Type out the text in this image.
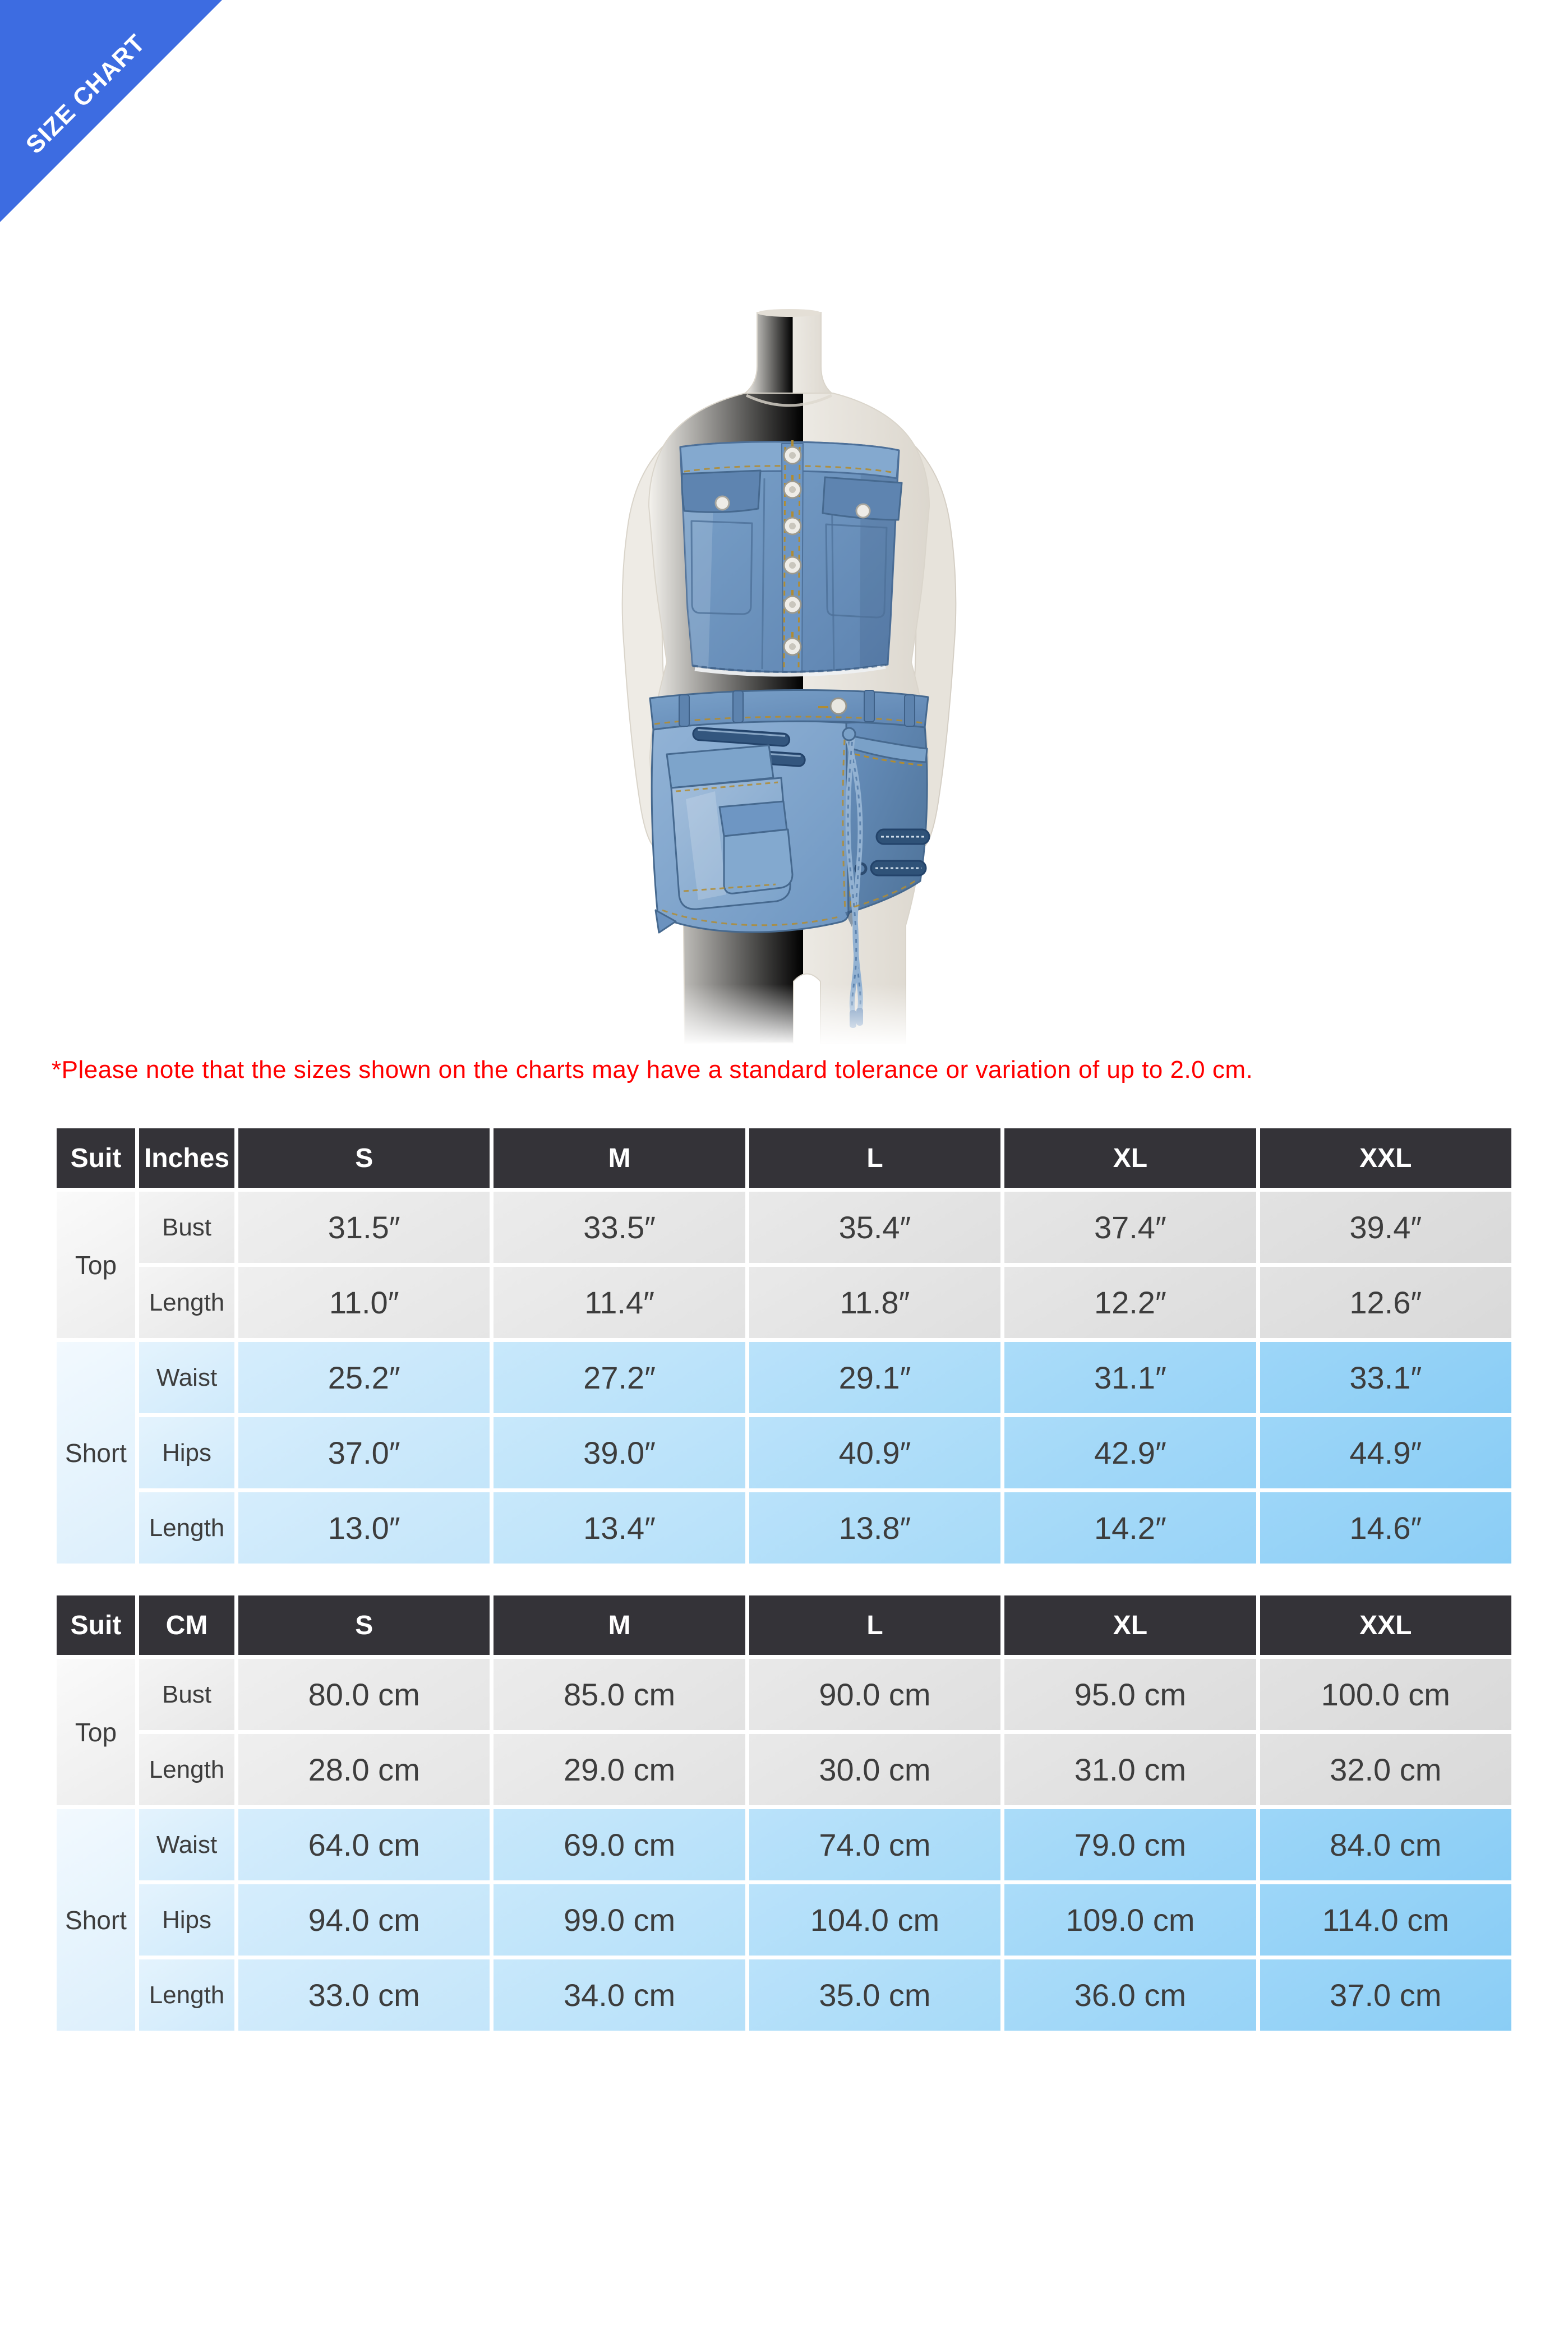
SIZE CHART
*Please note that the sizes shown on the charts may have a standard tolerance or variation of up to 2.0 cm.
Suit	Inches	S	M	L	XL	XXL
Top	Bust	31.5″	33.5″	35.4″	37.4″	39.4″
	Length	11.0″	11.4″	11.8″	12.2″	12.6″
Short	Waist	25.2″	27.2″	29.1″	31.1″	33.1″
	Hips	37.0″	39.0″	40.9″	42.9″	44.9″
	Length	13.0″	13.4″	13.8″	14.2″	14.6″
Suit	CM	S	M	L	XL	XXL
Top	Bust	80.0 cm	85.0 cm	90.0 cm	95.0 cm	100.0 cm
	Length	28.0 cm	29.0 cm	30.0 cm	31.0 cm	32.0 cm
Short	Waist	64.0 cm	69.0 cm	74.0 cm	79.0 cm	84.0 cm
	Hips	94.0 cm	99.0 cm	104.0 cm	109.0 cm	114.0 cm
	Length	33.0 cm	34.0 cm	35.0 cm	36.0 cm	37.0 cm
